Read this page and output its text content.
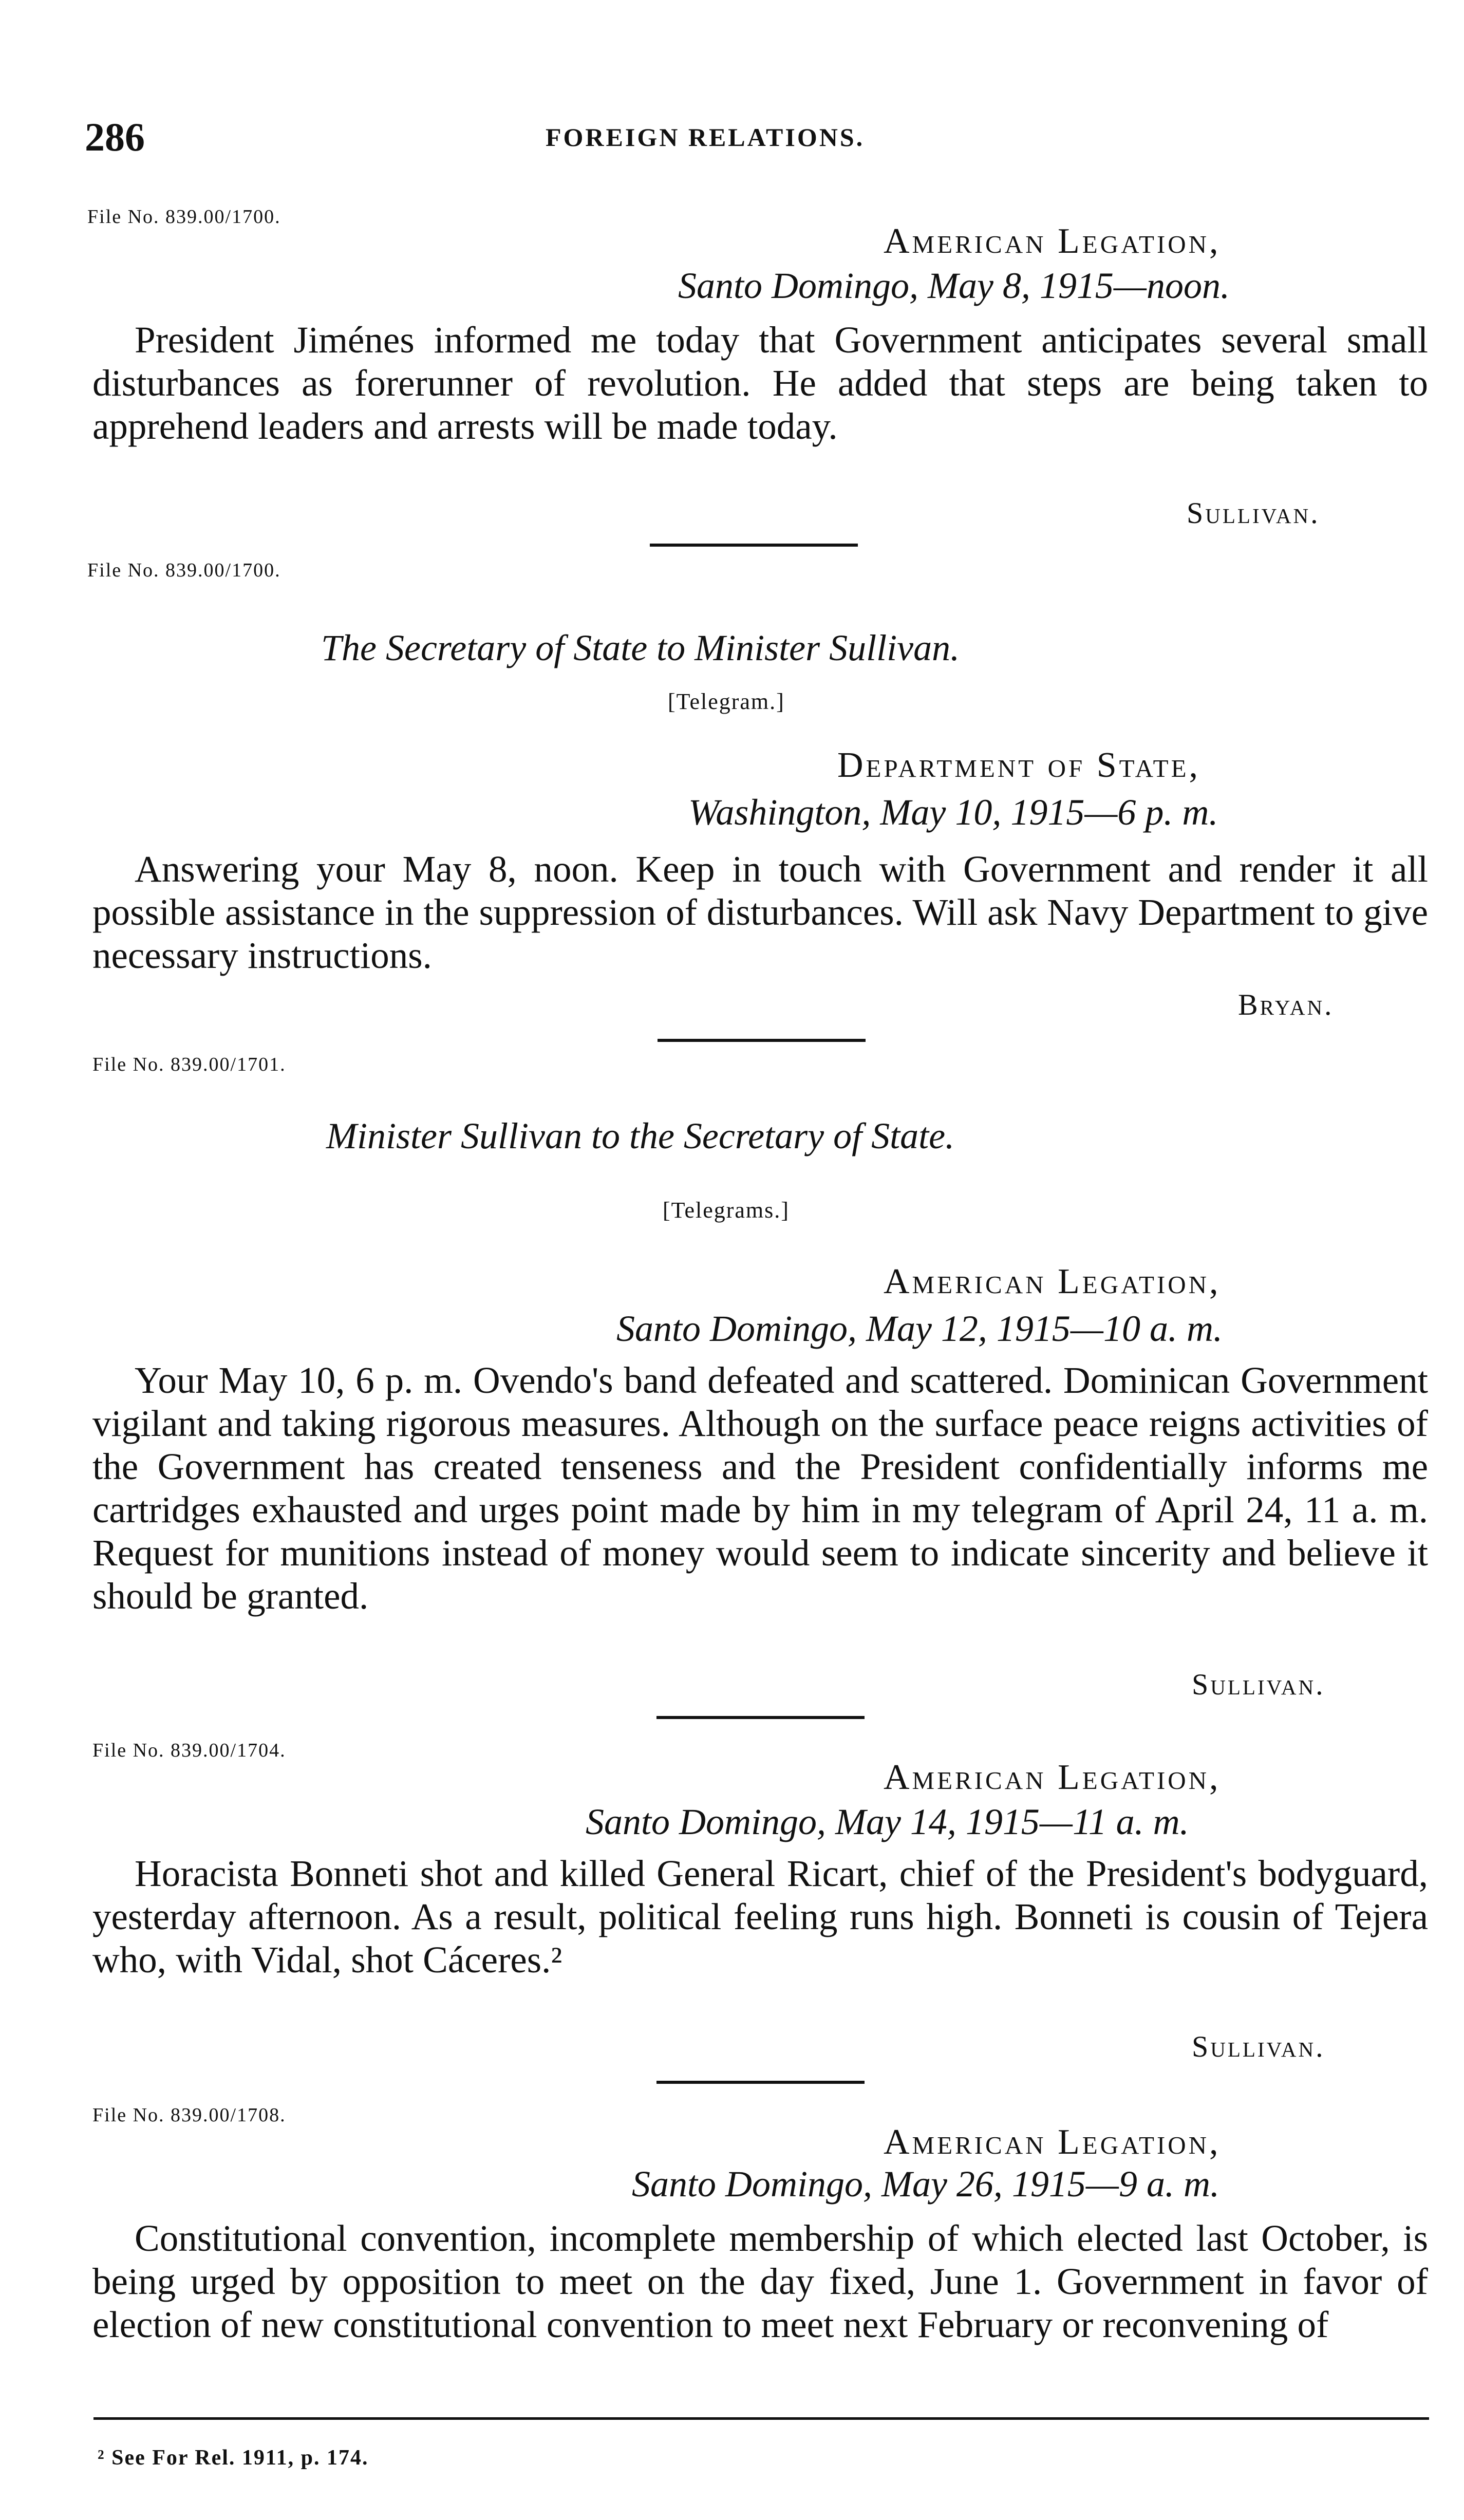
286	FOREIGN RELATIONS.
File No. 839.00/1700.
American Legation,
Santo Domingo, May 8, 1915—noon.
President Jiménes informed me today that Government anticipates several small disturbances as forerunner of revolution. He added that steps are being taken to apprehend leaders and arrests will be made today.
Sullivan.
File No. 839.00/1700.
The Secretary of State to Minister Sullivan.
[Telegram.]
Department of State,
Washington, May 10, 1915—6 p. m.
Answering your May 8, noon. Keep in touch with Government and render it all possible assistance in the suppression of disturbances. Will ask Navy Department to give necessary instructions.
Bryan.
File No. 839.00/1701.
Minister Sullivan to the Secretary of State.
[Telegrams.]
American Legation,
Santo Domingo, May 12, 1915—10 a. m.
Your May 10, 6 p. m. Ovendo's band defeated and scattered. Dominican Government vigilant and taking rigorous measures. Although on the surface peace reigns activities of the Government has created tenseness and the President confidentially informs me cartridges exhausted and urges point made by him in my telegram of April 24, 11 a. m. Request for munitions instead of money would seem to indicate sincerity and believe it should be granted.
Sullivan.
File No. 839.00/1704.
American Legation,
Santo Domingo, May 14, 1915—11 a. m.
Horacista Bonneti shot and killed General Ricart, chief of the President's bodyguard, yesterday afternoon. As a result, political feeling runs high. Bonneti is cousin of Tejera who, with Vidal, shot Cáceres.²
Sullivan.
File No. 839.00/1708.
American Legation,
Santo Domingo, May 26, 1915—9 a. m.
Constitutional convention, incomplete membership of which elected last October, is being urged by opposition to meet on the day fixed, June 1. Government in favor of election of new constitutional convention to meet next February or reconvening of
² See For Rel. 1911, p. 174.
